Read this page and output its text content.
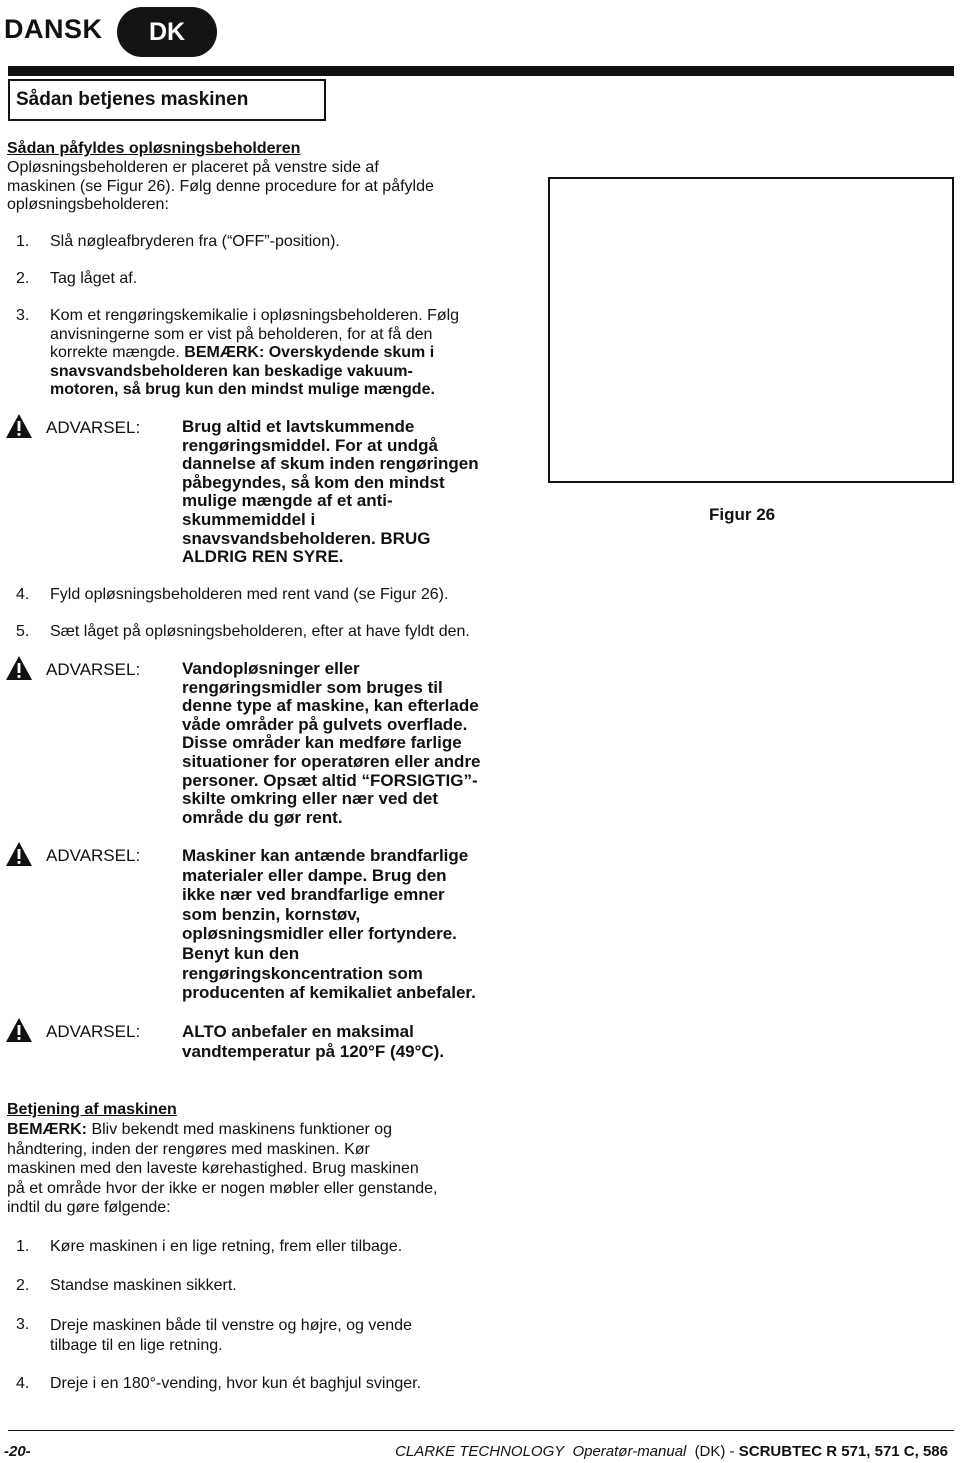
DANSK DK
Sådan betjenes maskinen
Sådan påfyldes opløsningsbeholderen
Opløsningsbeholderen er placeret på venstre side af
maskinen (se Figur 26). Følg denne procedure for at påfylde
opløsningsbeholderen:
1. Slå nøgleafbryderen fra (“OFF”-position).
2. Tag låget af.
3. Kom et rengøringskemikalie i opløsningsbeholderen. Følg
anvisningerne som er vist på beholderen, for at få den
korrekte mængde. BEMÆRK: Overskydende skum i
snavsvandsbeholderen kan beskadige vakuum-
motoren, så brug kun den mindst mulige mængde.
ADVARSEL: Brug altid et lavtskummende
rengøringsmiddel. For at undgå
dannelse af skum inden rengøringen
påbegyndes, så kom den mindst
mulige mængde af et anti-
skummemiddel i
snavsvandsbeholderen. BRUG
ALDRIG REN SYRE.
4. Fyld opløsningsbeholderen med rent vand (se Figur 26).
5. Sæt låget på opløsningsbeholderen, efter at have fyldt den.
ADVARSEL: Vandopløsninger eller
rengøringsmidler som bruges til
denne type af maskine, kan efterlade
våde områder på gulvets overflade.
Disse områder kan medføre farlige
situationer for operatøren eller andre
personer. Opsæt altid “FORSIGTIG”-
skilte omkring eller nær ved det
område du gør rent.
ADVARSEL: Maskiner kan antænde brandfarlige
materialer eller dampe. Brug den
ikke nær ved brandfarlige emner
som benzin, kornstøv,
opløsningsmidler eller fortyndere.
Benyt kun den
rengøringskoncentration som
producenten af kemikaliet anbefaler.
ADVARSEL: ALTO anbefaler en maksimal
vandtemperatur på 120°F (49°C).
Figur 26
Betjening af maskinen
BEMÆRK: Bliv bekendt med maskinens funktioner og
håndtering, inden der rengøres med maskinen. Kør
maskinen med den laveste kørehastighed. Brug maskinen
på et område hvor der ikke er nogen møbler eller genstande,
indtil du gøre følgende:
1. Køre maskinen i en lige retning, frem eller tilbage.
2. Standse maskinen sikkert.
3. Dreje maskinen både til venstre og højre, og vende
tilbage til en lige retning.
4. Dreje i en 180°-vending, hvor kun ét baghjul svinger.
-20-	CLARKE TECHNOLOGY Operatør-manual (DK) - SCRUBTEC R 571, 571 C, 586
